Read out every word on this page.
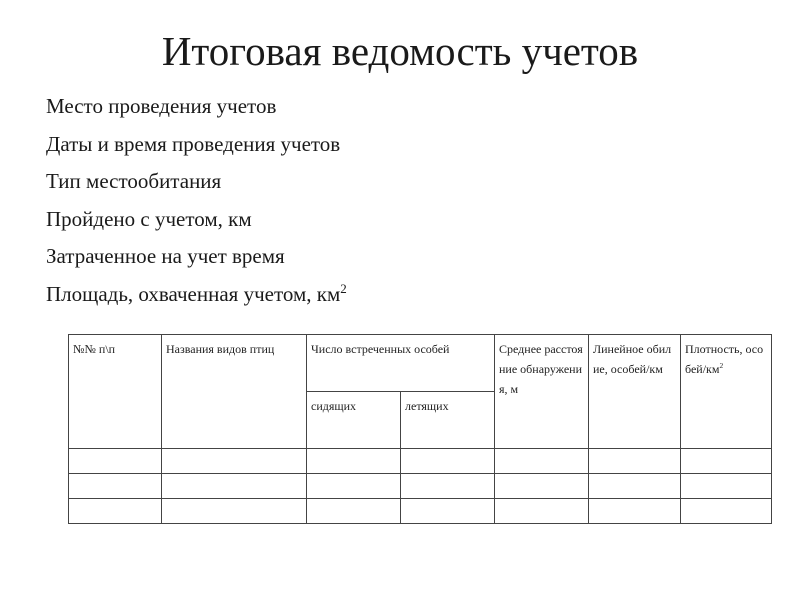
Итоговая ведомость учетов
Место проведения учетов
Даты и время проведения учетов
Тип местообитания
Пройдено с учетом, км
Затраченное на учет время
Площадь, охваченная учетом, $км^2$
№№ п\п	Названия видов птиц	Число встреченных особей		Среднее расстояние обнаружения, м	Линейное обилие, особей/км	Плотность, особей/$км^2$
		сидящих	летящих			
